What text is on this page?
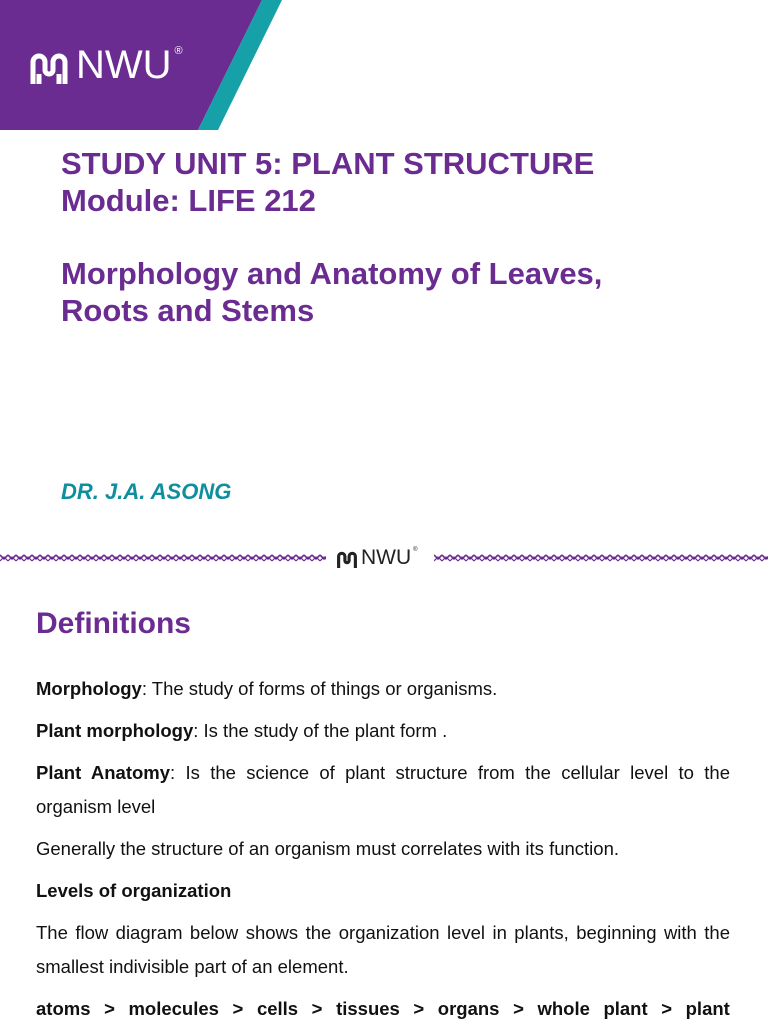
NWU ®

STUDY UNIT 5: PLANT STRUCTURE

Module: LIFE 212

Morphology and Anatomy of Leaves,

Roots and Stems

DR. J.A. ASONG
NWU ®
Definitions

Morphology: The study of forms of things or organisms.

Plant morphology: Is the study of the plant form .

Plant Anatomy: Is the science of plant structure from the cellular level to the organism level

Generally the structure of an organism must correlates with its function.

Levels of organization

The flow diagram below shows the organization level in plants, beginning with the smallest indivisible part of an element.

atoms > molecules > cells > tissues > organs > whole plant > plant
